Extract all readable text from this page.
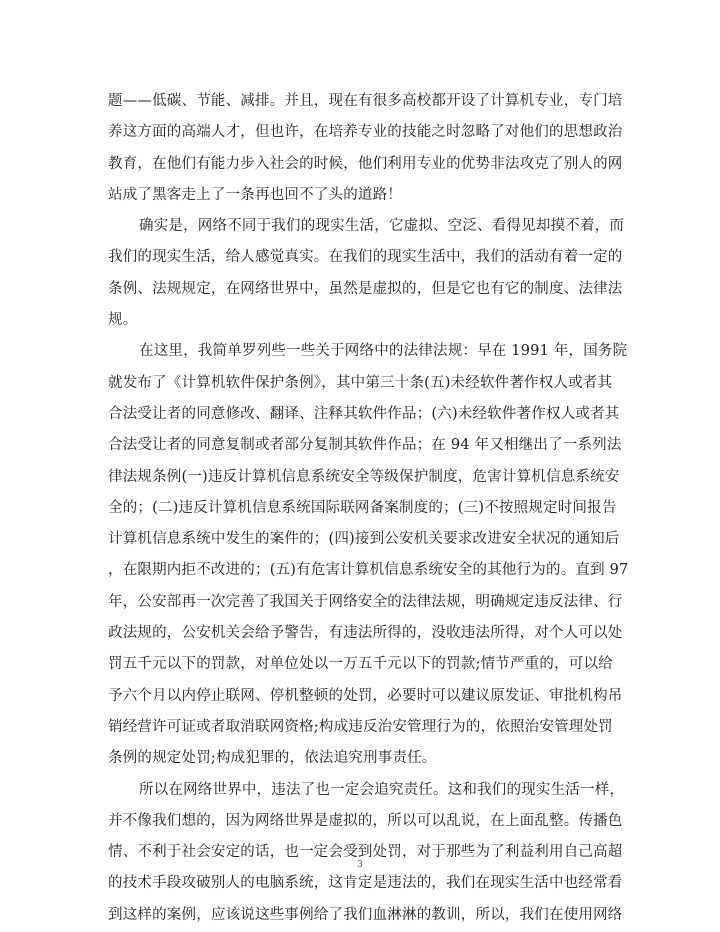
题——低碳、节能、减排。并且，现在有很多高校都开设了计算机专业，专门培
养这方面的高端人才，但也许，在培养专业的技能之时忽略了对他们的思想政治
教育，在他们有能力步入社会的时候，他们利用专业的优势非法攻克了别人的网
站成了黑客走上了一条再也回不了头的道路！
确实是，网络不同于我们的现实生活，它虚拟、空泛、看得见却摸不着，而
我们的现实生活，给人感觉真实。在我们的现实生活中，我们的活动有着一定的
条例、法规规定，在网络世界中，虽然是虚拟的，但是它也有它的制度、法律法
规。
在这里，我简单罗列些一些关于网络中的法律法规：早在 1991 年，国务院
就发布了《计算机软件保护条例》，其中第三十条(五)未经软件著作权人或者其
合法受让者的同意修改、翻译、注释其软件作品；(六)未经软件著作权人或者其
合法受让者的同意复制或者部分复制其软件作品；在 94 年又相继出了一系列法
律法规条例(一)违反计算机信息系统安全等级保护制度，危害计算机信息系统安
全的；(二)违反计算机信息系统国际联网备案制度的；(三)不按照规定时间报告
计算机信息系统中发生的案件的；(四)接到公安机关要求改进安全状况的通知后
，在限期内拒不改进的；(五)有危害计算机信息系统安全的其他行为的。直到 97
年，公安部再一次完善了我国关于网络安全的法律法规，明确规定违反法律、行
政法规的，公安机关会给予警告，有违法所得的，没收违法所得，对个人可以处
罚五千元以下的罚款，对单位处以一万五千元以下的罚款;情节严重的，可以给
予六个月以内停止联网、停机整顿的处罚，必要时可以建议原发证、审批机构吊
销经营许可证或者取消联网资格;构成违反治安管理行为的，依照治安管理处罚
条例的规定处罚;构成犯罪的，依法追究刑事责任。
所以在网络世界中，违法了也一定会追究责任。这和我们的现实生活一样，
并不像我们想的，因为网络世界是虚拟的，所以可以乱说，在上面乱整。传播色
情、不利于社会安定的话，也一定会受到处罚，对于那些为了利益利用自己高超
的技术手段攻破别人的电脑系统，这肯定是违法的，我们在现实生活中也经常看
到这样的案例，应该说这些事例给了我们血淋淋的教训，所以，我们在使用网络
3
